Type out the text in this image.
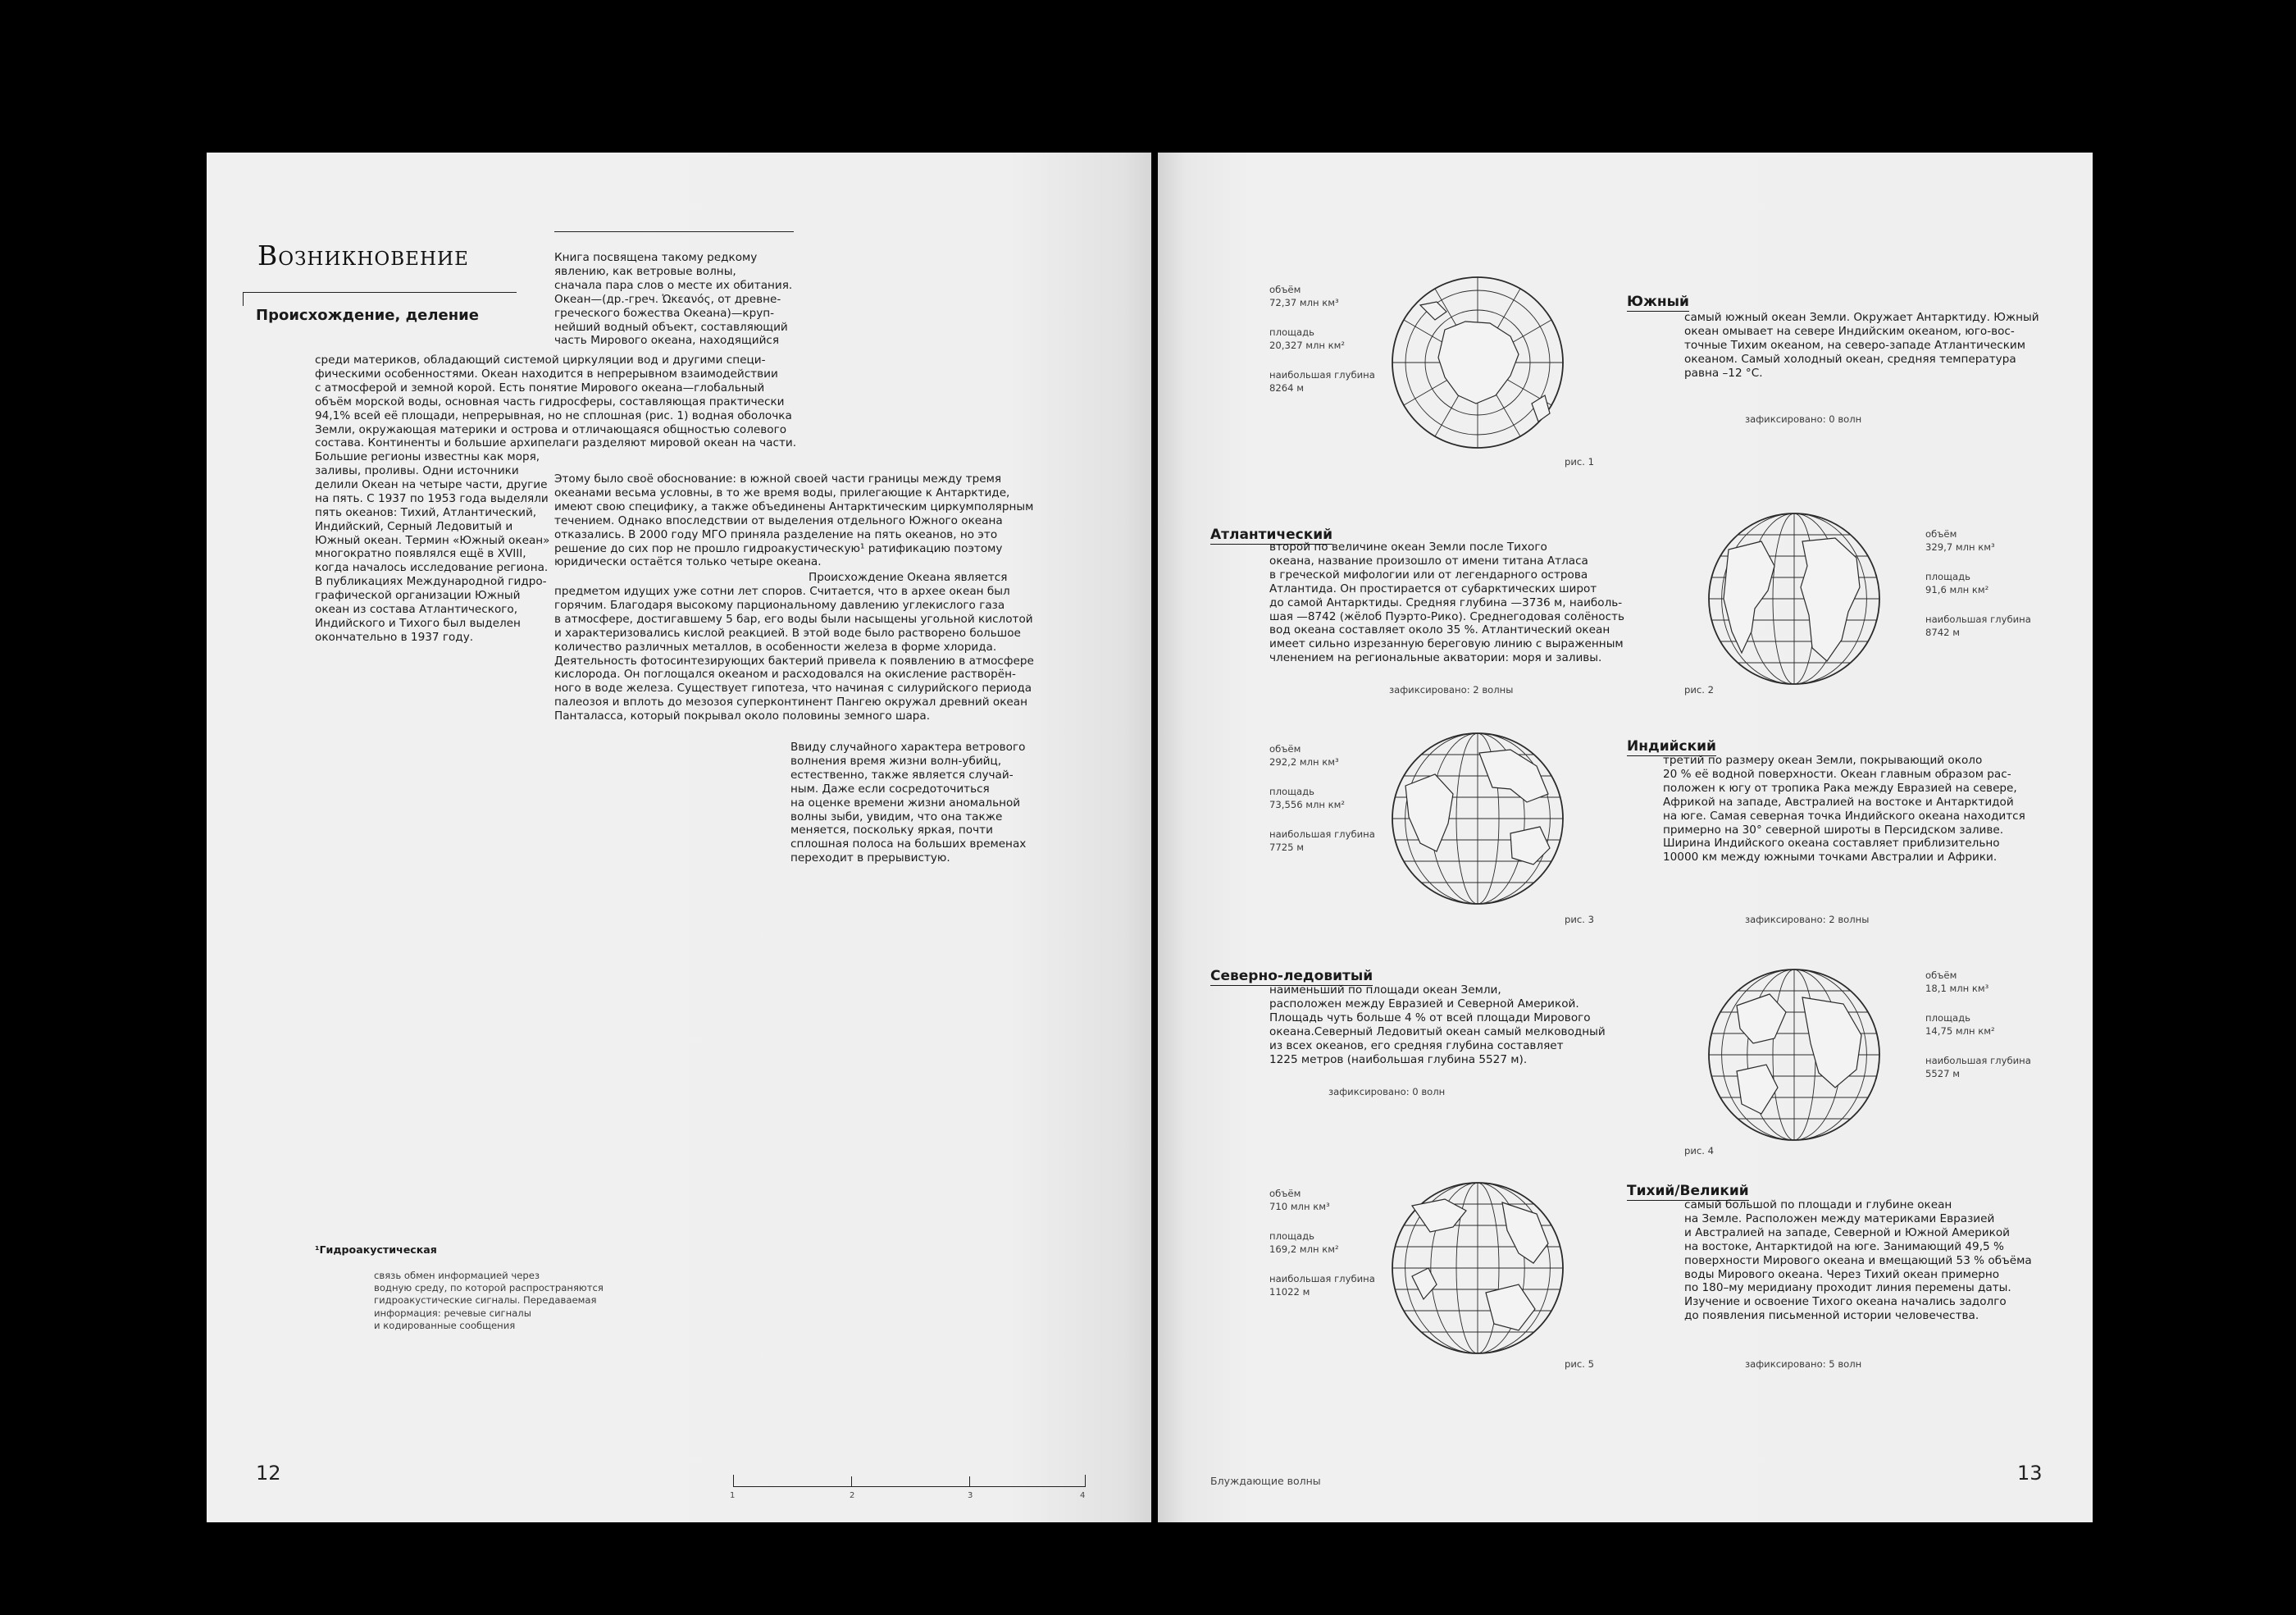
Возникновение
Происхождение, деление
Книга посвящена такому редкому
явлению, как ветровые волны,
сначала пара слов о месте их обитания.
Океан—(др.-греч. Ὠκεανός, от древне-
греческого божества Океана)—круп-
нейший водный объект, составляющий
часть Мирового океана, находящийся
среди материков, обладающий системой циркуляции вод и другими специ-
фическими особенностями. Океан находится в непрерывном взаимодействии
с атмосферой и земной корой. Есть понятие Мирового океана—глобальный
объём морской воды, основная часть гидросферы, составляющая практически
94,1% всей её площади, непрерывная, но не сплошная (рис. 1) водная оболочка
Земли, окружающая материки и острова и отличающаяся общностью солевого
состава. Континенты и большие архипелаги разделяют мировой океан на части.
Большие регионы известны как моря,
заливы, проливы. Одни источники
делили Океан на четыре части, другие
на пять. С 1937 по 1953 года выделяли
пять океанов: Тихий, Атлантический,
Индийский, Серный Ледовитый и
Южный океан. Термин «Южный океан»
многократно появлялся ещё в XVIII,
когда началось исследование региона.
В публикациях Международной гидро-
графической организации Южный
океан из состава Атлантического,
Индийского и Тихого был выделен
окончательно в 1937 году.
Этому было своё обоснование: в южной своей части границы между тремя
океанами весьма условны, в то же время воды, прилегающие к Антарктиде,
имеют свою специфику, а также объединены Антарктическим циркумполярным
течением. Однако впоследствии от выделения отдельного Южного океана
отказались. В 2000 году МГО приняла разделение на пять океанов, но это
решение до сих пор не прошло гидроакустическую¹ ратификацию поэтому
юридически остаётся только четыре океана.
Происхождение Океана является
предметом идущих уже сотни лет споров. Считается, что в архее океан был
горячим. Благодаря высокому парциональному давлению углекислого газа
в атмосфере, достигавшему 5 бар, его воды были насыщены угольной кислотой
и характеризовались кислой реакцией. В этой воде было растворено большое
количество различных металлов, в особенности железа в форме хлорида.
Деятельность фотосинтезирующих бактерий привела к появлению в атмосфере
кислорода. Он поглощался океаном и расходовался на окисление растворён-
ного в воде железа. Существует гипотеза, что начиная с силурийского периода
палеозоя и вплоть до мезозоя суперконтинент Пангею окружал древний океан
Панталасса, который покрывал около половины земного шара.
Ввиду случайного характера ветрового
волнения время жизни волн-убийц,
естественно, также является случай-
ным. Даже если сосредоточиться
на оценке времени жизни аномальной
волны зыби, увидим, что она также
меняется, поскольку яркая, почти
сплошная полоса на больших временах
переходит в прерывистую.
¹Гидроакустическая
связь обмен информацией через
водную среду, по которой распространяются
гидроакустические сигналы. Передаваемая
информация: речевые сигналы
и кодированные сообщения
12
1	2	3	4
объём
72,37 млн км³
площадь
20,327 млн км²
наибольшая глубина
8264 м
рис. 1
Южный
самый южный океан Земли. Окружает Антарктиду. Южный
океан омывает на севере Индийским океаном, юго-вос-
точные Тихим океаном, на северо-западе Атлантическим
океаном. Самый холодный океан, средняя температура
равна –12 °C.
зафиксировано: 0 волн
Атлантический
второй по величине океан Земли после Тихого
океана, название произошло от имени титана Атласа
в греческой мифологии или от легендарного острова
Атлантида. Он простирается от субарктических широт
до самой Антарктиды. Средняя глубина —3736 м, наиболь-
шая —8742 (жёлоб Пуэрто-Рико). Среднегодовая солёность
вод океана составляет около 35 %. Атлантический океан
имеет сильно изрезанную береговую линию с выраженным
членением на региональные акватории: моря и заливы.
зафиксировано: 2 волны	рис. 2
объём
329,7 млн км³
площадь
91,6 млн км²
наибольшая глубина
8742 м
объём
292,2 млн км³
площадь
73,556 млн км²
наибольшая глубина
7725 м
рис. 3
Индийский
третий по размеру океан Земли, покрывающий около
20 % её водной поверхности. Океан главным образом рас-
положен к югу от тропика Рака между Евразией на севере,
Африкой на западе, Австралией на востоке и Антарктидой
на юге. Самая северная точка Индийского океана находится
примерно на 30° северной широты в Персидском заливе.
Ширина Индийского океана составляет приблизительно
10000 км между южными точками Австралии и Африки.
зафиксировано: 2 волны
Северно-ледовитый
наименьший по площади океан Земли,
расположен между Евразией и Северной Америкой.
Площадь чуть больше 4 % от всей площади Мирового
океана.Северный Ледовитый океан самый мелководный
из всех океанов, его средняя глубина составляет
1225 метров (наибольшая глубина 5527 м).
зафиксировано: 0 волн
рис. 4
объём
18,1 млн км³
площадь
14,75 млн км²
наибольшая глубина
5527 м
объём
710 млн км³
площадь
169,2 млн км²
наибольшая глубина
11022 м
рис. 5
Тихий/Великий
самый большой по площади и глубине океан
на Земле. Расположен между материками Евразией
и Австралией на западе, Северной и Южной Америкой
на востоке, Антарктидой на юге. Занимающий 49,5 %
поверхности Мирового океана и вмещающий 53 % объёма
воды Мирового океана. Через Тихий океан примерно
по 180–му меридиану проходит линия перемены даты.
Изучение и освоение Тихого океана начались задолго
до появления письменной истории человечества.
зафиксировано: 5 волн
Блуждающие волны	13
